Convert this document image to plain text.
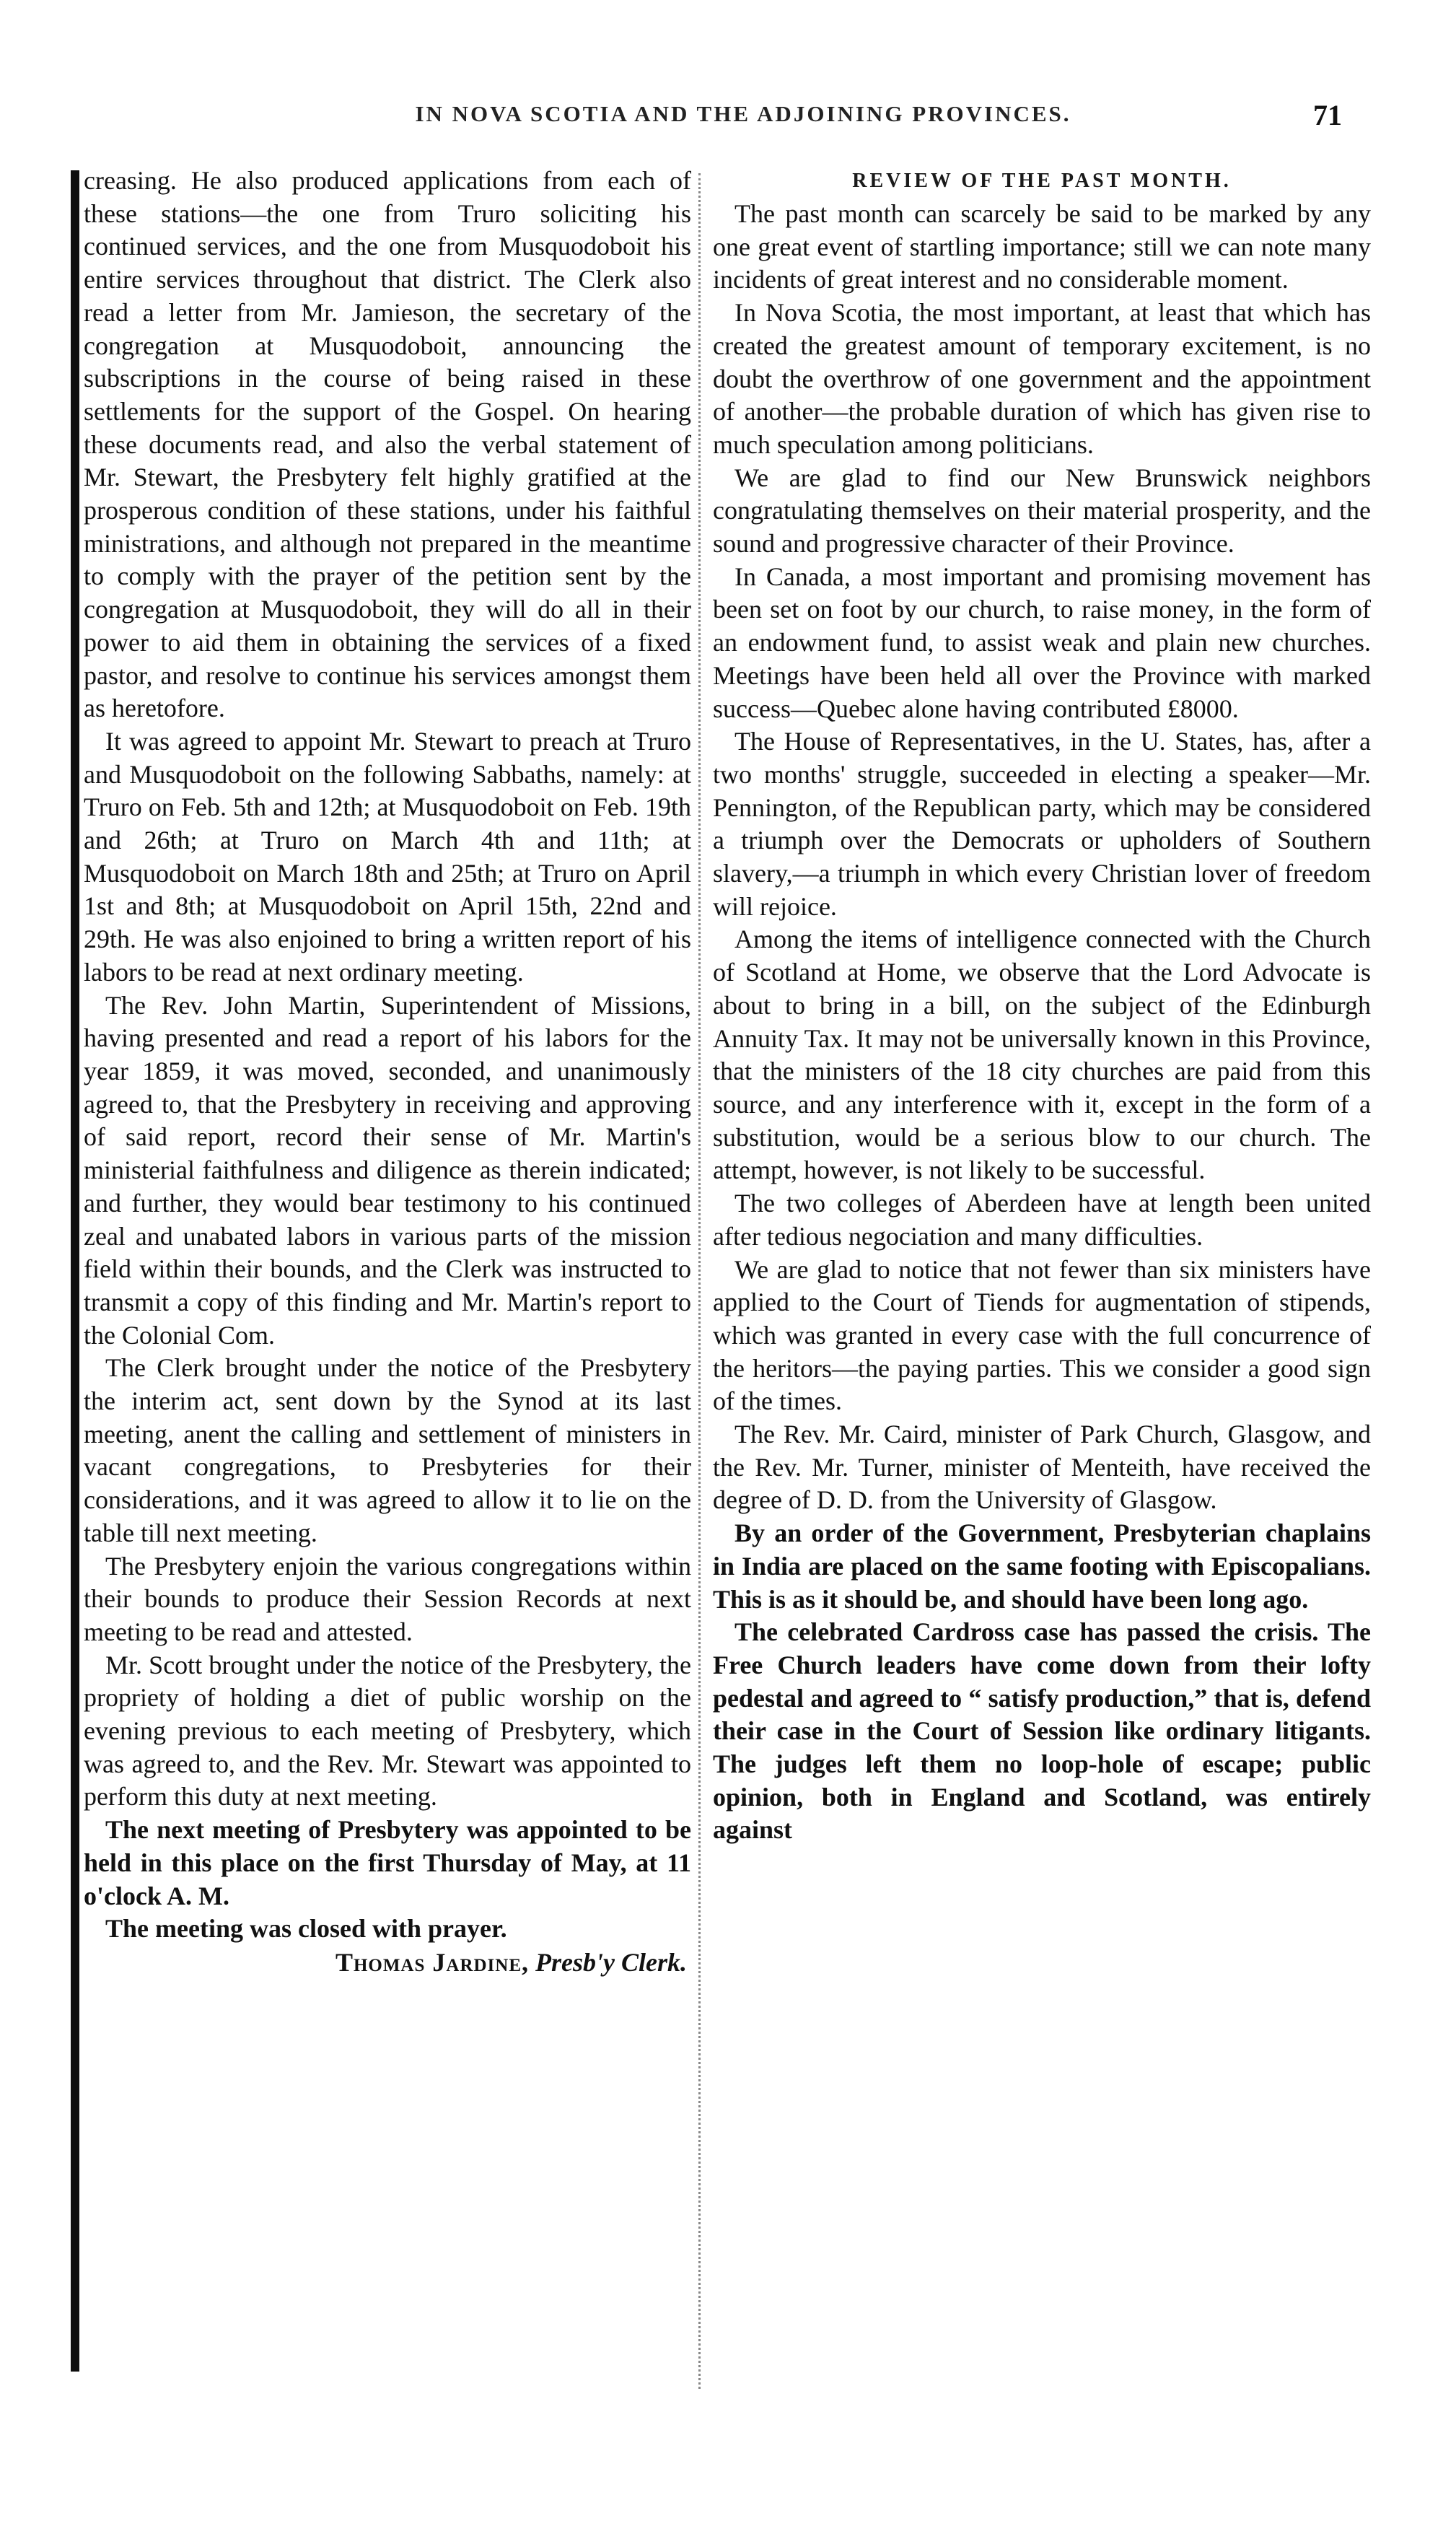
IN NOVA SCOTIA AND THE ADJOINING PROVINCES.	71

creasing. He also produced applications from each of these stations—the one from Truro soliciting his continued services, and the one from Musquodoboit his entire services throughout that district. The Clerk also read a letter from Mr. Jamieson, the secretary of the congregation at Musquodoboit, announcing the subscriptions in the course of being raised in these settlements for the support of the Gospel. On hearing these documents read, and also the verbal statement of Mr. Stewart, the Presbytery felt highly gratified at the prosperous condition of these stations, under his faithful ministrations, and although not prepared in the meantime to comply with the prayer of the petition sent by the congregation at Musquodoboit, they will do all in their power to aid them in obtaining the services of a fixed pastor, and resolve to continue his services amongst them as heretofore.

It was agreed to appoint Mr. Stewart to preach at Truro and Musquodoboit on the following Sabbaths, namely: at Truro on Feb. 5th and 12th; at Musquodoboit on Feb. 19th and 26th; at Truro on March 4th and 11th; at Musquodoboit on March 18th and 25th; at Truro on April 1st and 8th; at Musquodoboit on April 15th, 22nd and 29th. He was also enjoined to bring a written report of his labors to be read at next ordinary meeting.

The Rev. John Martin, Superintendent of Missions, having presented and read a report of his labors for the year 1859, it was moved, seconded, and unanimously agreed to, that the Presbytery in receiving and approving of said report, record their sense of Mr. Martin's ministerial faithfulness and diligence as therein indicated; and further, they would bear testimony to his continued zeal and unabated labors in various parts of the mission field within their bounds, and the Clerk was instructed to transmit a copy of this finding and Mr. Martin's report to the Colonial Com.

The Clerk brought under the notice of the Presbytery the interim act, sent down by the Synod at its last meeting, anent the calling and settlement of ministers in vacant congregations, to Presbyteries for their considerations, and it was agreed to allow it to lie on the table till next meeting.

The Presbytery enjoin the various congregations within their bounds to produce their Session Records at next meeting to be read and attested.

Mr. Scott brought under the notice of the Presbytery, the propriety of holding a diet of public worship on the evening previous to each meeting of Presbytery, which was agreed to, and the Rev. Mr. Stewart was appointed to perform this duty at next meeting.

The next meeting of Presbytery was appointed to be held in this place on the first Thursday of May, at 11 o'clock A. M.

The meeting was closed with prayer.

Thomas Jardine, Presb'y Clerk.

REVIEW OF THE PAST MONTH.

The past month can scarcely be said to be marked by any one great event of startling importance; still we can note many incidents of great interest and no considerable moment.

In Nova Scotia, the most important, at least that which has created the greatest amount of temporary excitement, is no doubt the overthrow of one government and the appointment of another—the probable duration of which has given rise to much speculation among politicians.

We are glad to find our New Brunswick neighbors congratulating themselves on their material prosperity, and the sound and progressive character of their Province.

In Canada, a most important and promising movement has been set on foot by our church, to raise money, in the form of an endowment fund, to assist weak and plain new churches. Meetings have been held all over the Province with marked success—Quebec alone having contributed £8000.

The House of Representatives, in the U. States, has, after a two months' struggle, succeeded in electing a speaker—Mr. Pennington, of the Republican party, which may be considered a triumph over the Democrats or upholders of Southern slavery,—a triumph in which every Christian lover of freedom will rejoice.

Among the items of intelligence connected with the Church of Scotland at Home, we observe that the Lord Advocate is about to bring in a bill, on the subject of the Edinburgh Annuity Tax. It may not be universally known in this Province, that the ministers of the 18 city churches are paid from this source, and any interference with it, except in the form of a substitution, would be a serious blow to our church. The attempt, however, is not likely to be successful.

The two colleges of Aberdeen have at length been united after tedious negociation and many difficulties.

We are glad to notice that not fewer than six ministers have applied to the Court of Tiends for augmentation of stipends, which was granted in every case with the full concurrence of the heritors—the paying parties. This we consider a good sign of the times.

The Rev. Mr. Caird, minister of Park Church, Glasgow, and the Rev. Mr. Turner, minister of Menteith, have received the degree of D. D. from the University of Glasgow.

By an order of the Government, Presbyterian chaplains in India are placed on the same footing with Episcopalians. This is as it should be, and should have been long ago.

The celebrated Cardross case has passed the crisis. The Free Church leaders have come down from their lofty pedestal and agreed to “ satisfy production,” that is, defend their case in the Court of Session like ordinary litigants. The judges left them no loop-hole of escape; public opinion, both in England and Scotland, was entirely against
